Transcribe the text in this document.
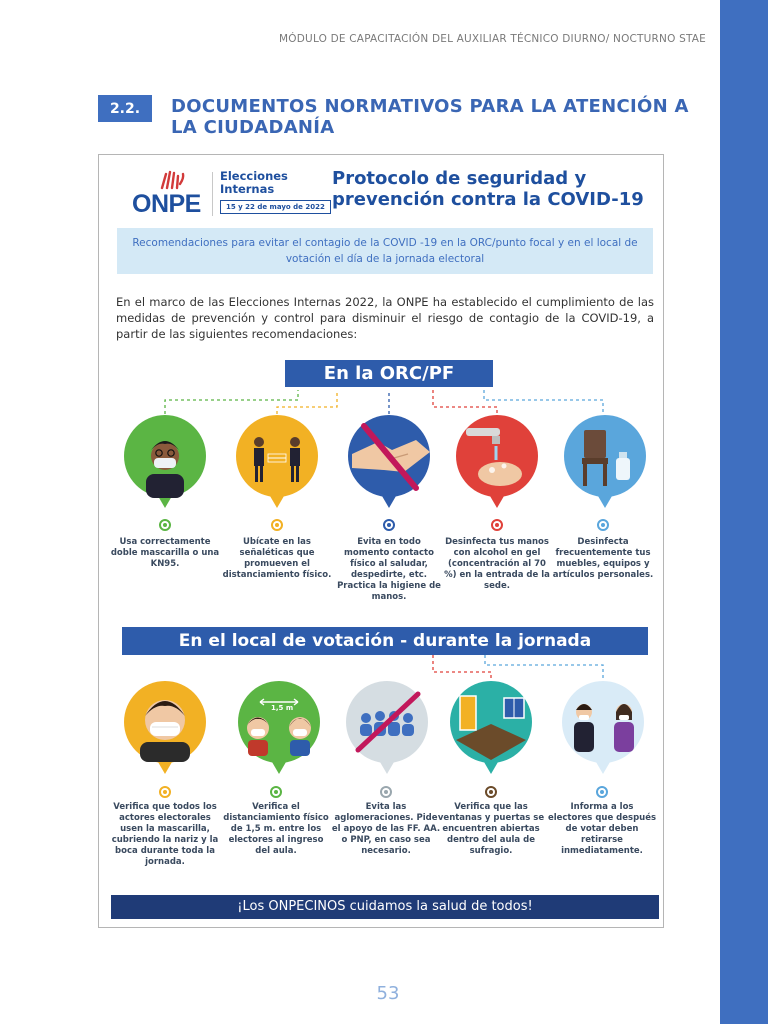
MÓDULO DE CAPACITACIÓN DEL AUXILIAR TÉCNICO DIURNO/ NOCTURNO STAE
2.2.	DOCUMENTOS NORMATIVOS PARA LA ATENCIÓN A LA CIUDADANÍA
ONPE
Elecciones Internas
15 y 22 de mayo de 2022
Protocolo de seguridad y prevención contra la COVID-19
Recomendaciones para evitar el contagio de la COVID -19 en la ORC/punto focal y en el local de votación el día de la jornada electoral
En el marco de las Elecciones Internas 2022, la ONPE ha establecido el cumplimiento de las medidas de prevención y control para disminuir el riesgo de contagio de la COVID-19, a partir de las siguientes recomendaciones:
En la ORC/PF
En el local de votación - durante la jornada
Usa correctamente doble mascarilla o una KN95.
Ubícate en las señaléticas que promueven el distanciamiento físico.
Evita en todo momento contacto físico al saludar, despedirte, etc. Practica la higiene de manos.
Desinfecta tus manos con alcohol en gel (concentración al 70 %) en la entrada de la sede.
Desinfecta frecuentemente tus muebles, equipos y artículos personales.
1,5 m
Verifica que todos los actores electorales usen la mascarilla, cubriendo la nariz y la boca durante toda la jornada.
Verifica el distanciamiento físico de 1,5 m. entre los electores al ingreso del aula.
Evita las aglomeraciones. Pide el apoyo de las FF. AA. o PNP, en caso sea necesario.
Verifica que las ventanas y puertas se encuentren abiertas dentro del aula de sufragio.
Informa a los electores que después de votar deben retirarse inmediatamente.
¡Los ONPECINOS cuidamos la salud de todos!
53
